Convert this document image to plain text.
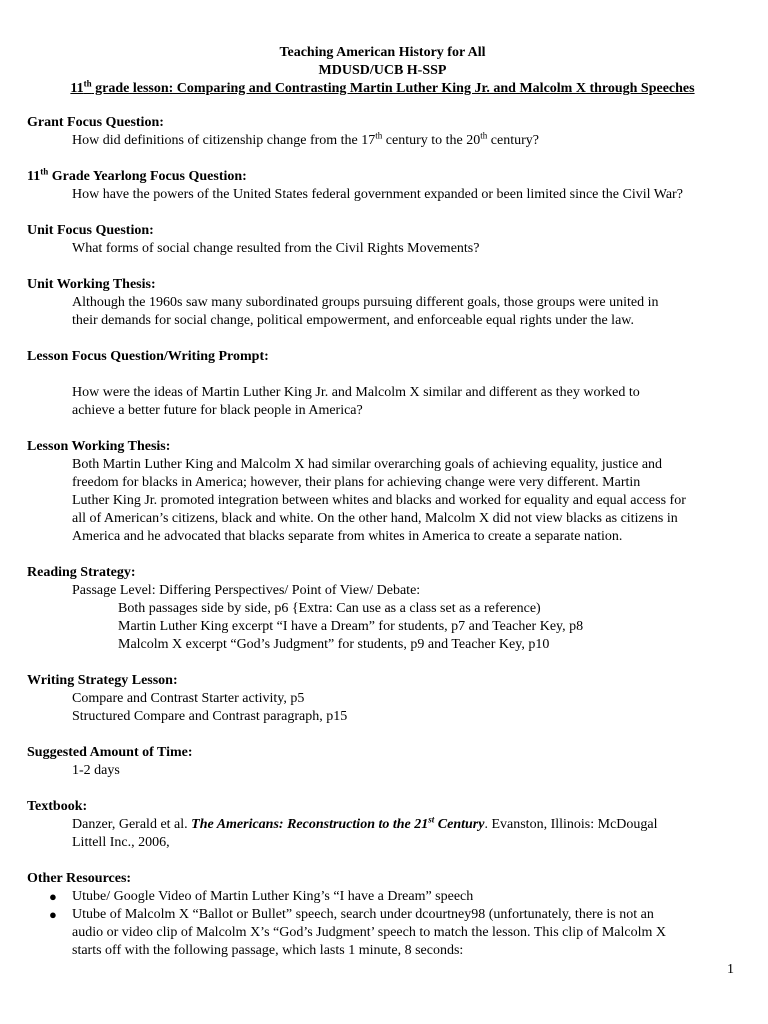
Teaching American History for All
MDUSD/UCB H-SSP
11th grade lesson: Comparing and Contrasting Martin Luther King Jr. and Malcolm X through Speeches
Grant Focus Question:
How did definitions of citizenship change from the 17th century to the 20th century?
11th Grade Yearlong Focus Question:
How have the powers of the United States federal government expanded or been limited since the Civil War?
Unit Focus Question:
What forms of social change resulted from the Civil Rights Movements?
Unit Working Thesis:
Although the 1960s saw many subordinated groups pursuing different goals, those groups were united in
their demands for social change, political empowerment, and enforceable equal rights under the law.
Lesson Focus Question/Writing Prompt:
How were the ideas of Martin Luther King Jr. and Malcolm X similar and different as they worked to
achieve a better future for black people in America?
Lesson Working Thesis:
Both Martin Luther King and Malcolm X had similar overarching goals of achieving equality, justice and
freedom for blacks in America; however, their plans for achieving change were very different. Martin
Luther King Jr. promoted integration between whites and blacks and worked for equality and equal access for
all of American’s citizens, black and white. On the other hand, Malcolm X did not view blacks as citizens in
America and he advocated that blacks separate from whites in America to create a separate nation.
Reading Strategy:
Passage Level: Differing Perspectives/ Point of View/ Debate:
Both passages side by side, p6 {Extra: Can use as a class set as a reference)
Martin Luther King excerpt “I have a Dream” for students, p7 and Teacher Key, p8
Malcolm X excerpt “God’s Judgment” for students, p9 and Teacher Key, p10
Writing Strategy Lesson:
Compare and Contrast Starter activity, p5
Structured Compare and Contrast paragraph, p15
Suggested Amount of Time:
1-2 days
Textbook:
Danzer, Gerald et al. The Americans: Reconstruction to the 21st Century. Evanston, Illinois: McDougal
Littell Inc., 2006,
Other Resources:
● Utube/ Google Video of Martin Luther King’s “I have a Dream” speech
● Utube of Malcolm X “Ballot or Bullet” speech, search under dcourtney98 (unfortunately, there is not an
audio or video clip of Malcolm X’s “God’s Judgment’ speech to match the lesson. This clip of Malcolm X
starts off with the following passage, which lasts 1 minute, 8 seconds:
1
